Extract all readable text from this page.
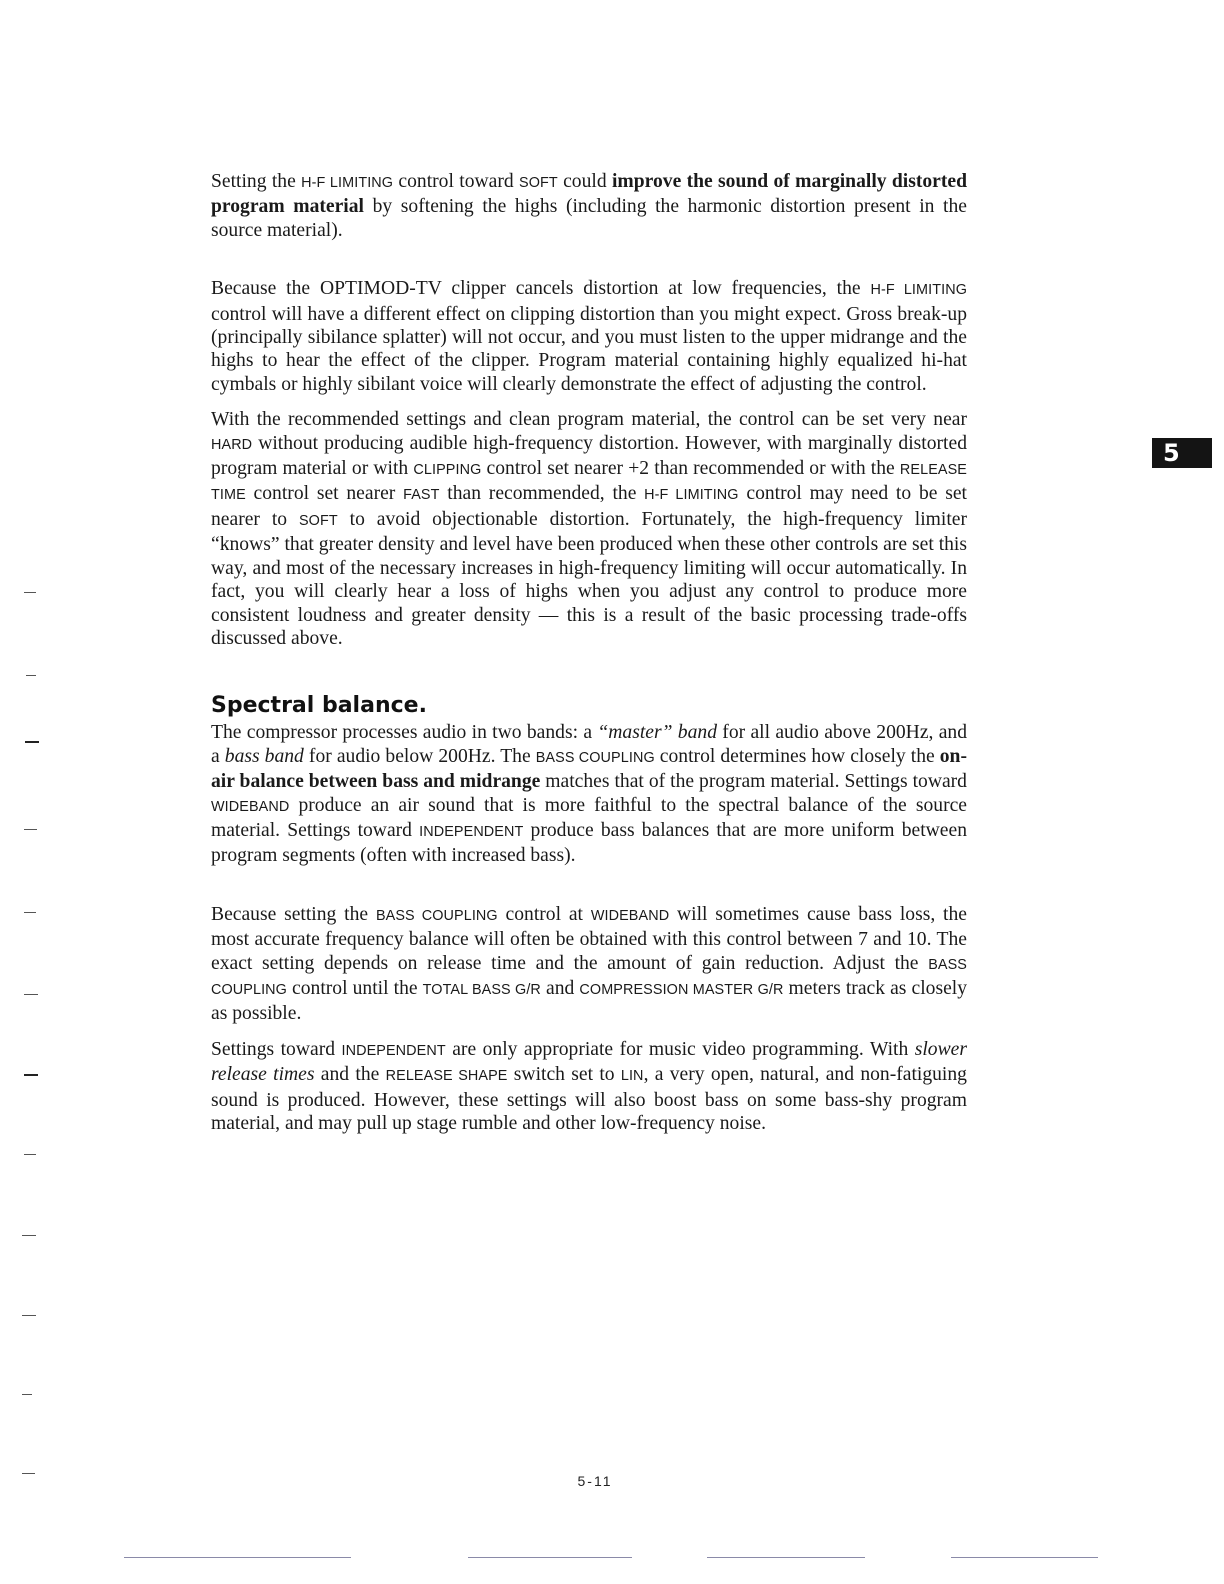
Setting the H-F LIMITING control toward SOFT could improve the sound of marginally distorted program material by softening the highs (including the harmonic distortion present in the source material).

Because the OPTIMOD-TV clipper cancels distortion at low frequencies, the H-F LIMITING control will have a different effect on clipping distortion than you might expect. Gross break-up (principally sibilance splatter) will not occur, and you must listen to the upper midrange and the highs to hear the effect of the clipper. Program material containing highly equalized hi-hat cymbals or highly sibilant voice will clearly demonstrate the effect of adjusting the control.

With the recommended settings and clean program material, the control can be set very near HARD without producing audible high-frequency distortion. However, with marginally distorted program material or with CLIPPING control set nearer +2 than recommended or with the RELEASE TIME control set nearer FAST than recommended, the H-F LIMITING control may need to be set nearer to SOFT to avoid objectionable distortion. Fortunately, the high-frequency limiter “knows” that greater density and level have been produced when these other controls are set this way, and most of the necessary increases in high-frequency limiting will occur automatically. In fact, you will clearly hear a loss of highs when you adjust any control to produce more consistent loudness and greater density — this is a result of the basic processing trade-offs discussed above.

Spectral balance.

The compressor processes audio in two bands: a “master” band for all audio above 200Hz, and a bass band for audio below 200Hz. The BASS COUPLING control determines how closely the on-air balance between bass and midrange matches that of the program material. Settings toward WIDEBAND produce an air sound that is more faithful to the spectral balance of the source material. Settings toward INDEPENDENT produce bass balances that are more uniform between program segments (often with increased bass).

Because setting the BASS COUPLING control at WIDEBAND will sometimes cause bass loss, the most accurate frequency balance will often be obtained with this control between 7 and 10. The exact setting depends on release time and the amount of gain reduction. Adjust the BASS COUPLING control until the TOTAL BASS G/R and COMPRESSION MASTER G/R meters track as closely as possible.

Settings toward INDEPENDENT are only appropriate for music video programming. With slower release times and the RELEASE SHAPE switch set to LIN, a very open, natural, and non-fatiguing sound is produced. However, these settings will also boost bass on some bass-shy program material, and may pull up stage rumble and other low-frequency noise.

5
5-11
